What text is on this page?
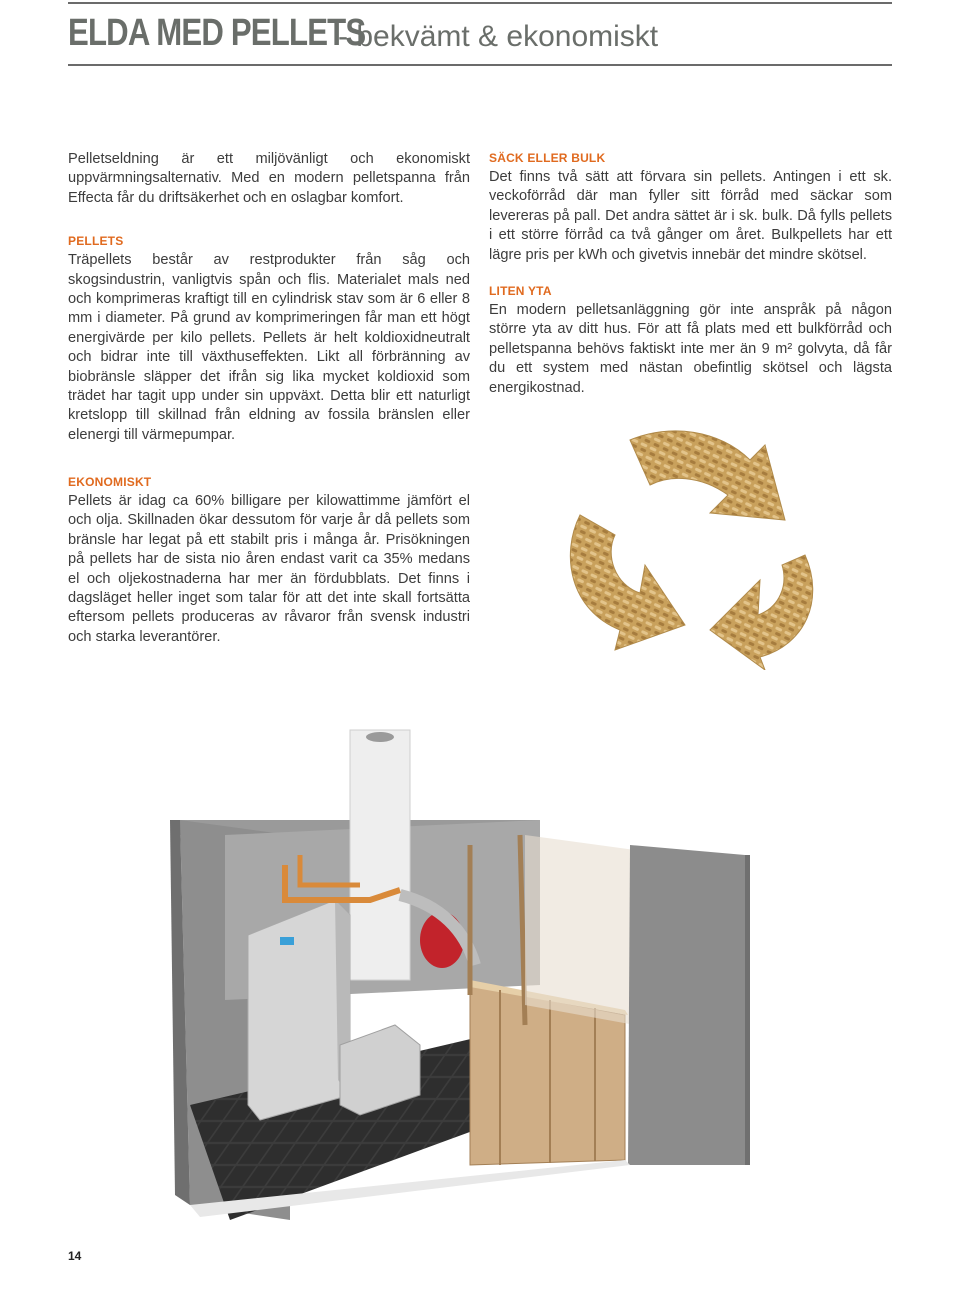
ELDA MED PELLETS
- bekvämt & ekonomiskt

Pelletseldning är ett miljövänligt och ekonomiskt uppvärmningsalternativ. Med en modern pelletspanna från Effecta får du driftsäkerhet och en oslagbar komfort.

PELLETS

Träpellets består av restprodukter från såg och skogsindustrin, vanligtvis spån och flis. Materialet mals ned och komprimeras kraftigt till en cylindrisk stav som är 6 eller 8 mm i diameter. På grund av komprimeringen får man ett högt energivärde per kilo pellets. Pellets är helt koldioxidneutralt och bidrar inte till växthuseffekten. Likt all förbränning av biobränsle släpper det ifrån sig lika mycket koldioxid som trädet har tagit upp under sin uppväxt. Detta blir ett naturligt kretslopp till skillnad från eldning av fossila bränslen eller elenergi till värmepumpar.

EKONOMISKT

Pellets är idag ca 60% billigare per kilowattimme jämfört el och olja. Skillnaden ökar dessutom för varje år då pellets som bränsle har legat på ett stabilt pris i många år. Prisökningen på pellets har de sista nio åren endast varit ca 35% medans el och oljekostnaderna har mer än fördubblats. Det finns i dagsläget heller inget som talar för att det inte skall fortsätta eftersom pellets produceras av råvaror från svensk industri och starka leverantörer.

SÄCK ELLER BULK

Det finns två sätt att förvara sin pellets. Antingen i ett sk. veckoförråd där man fyller sitt förråd med säckar som levereras på pall. Det andra sättet är i sk. bulk. Då fylls pellets i ett större förråd ca två gånger om året. Bulkpellets har ett lägre pris per kWh och givetvis innebär det mindre skötsel.

LITEN YTA

En modern pelletsanläggning gör inte anspråk på någon större yta av ditt hus. För att få plats med ett bulkförråd och pelletspanna behövs faktiskt inte mer än 9 m² golvyta, då får du ett system med nästan obefintlig skötsel och lägsta energikostnad.

14
